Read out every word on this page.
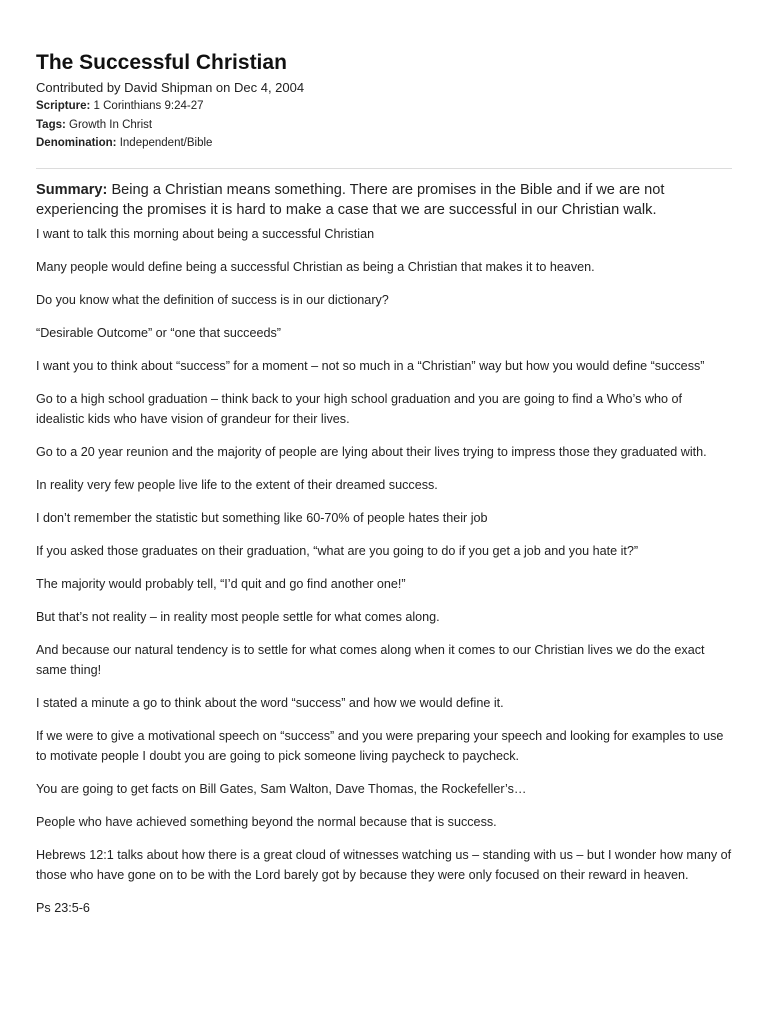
The Successful Christian

Contributed by David Shipman on Dec 4, 2004

Scripture: 1 Corinthians 9:24-27

Tags: Growth In Christ

Denomination: Independent/Bible

Summary: Being a Christian means something. There are promises in the Bible and if we are not experiencing the promises it is hard to make a case that we are successful in our Christian walk.

I want to talk this morning about being a successful Christian

Many people would define being a successful Christian as being a Christian that makes it to heaven.

Do you know what the definition of success is in our dictionary?

“Desirable Outcome” or “one that succeeds”

I want you to think about “success” for a moment – not so much in a “Christian” way but how you would define “success”

Go to a high school graduation – think back to your high school graduation and you are going to find a Who’s who of idealistic kids who have vision of grandeur for their lives.

Go to a 20 year reunion and the majority of people are lying about their lives trying to impress those they graduated with.

In reality very few people live life to the extent of their dreamed success.

I don’t remember the statistic but something like 60-70% of people hates their job

If you asked those graduates on their graduation, “what are you going to do if you get a job and you hate it?”

The majority would probably tell, “I’d quit and go find another one!”

But that’s not reality – in reality most people settle for what comes along.

And because our natural tendency is to settle for what comes along when it comes to our Christian lives we do the exact same thing!

I stated a minute a go to think about the word “success” and how we would define it.

If we were to give a motivational speech on “success” and you were preparing your speech and looking for examples to use to motivate people I doubt you are going to pick someone living paycheck to paycheck.

You are going to get facts on Bill Gates, Sam Walton, Dave Thomas, the Rockefeller’s…

People who have achieved something beyond the normal because that is success.

Hebrews 12:1 talks about how there is a great cloud of witnesses watching us – standing with us – but I wonder how many of those who have gone on to be with the Lord barely got by because they were only focused on their reward in heaven.

Ps 23:5-6
